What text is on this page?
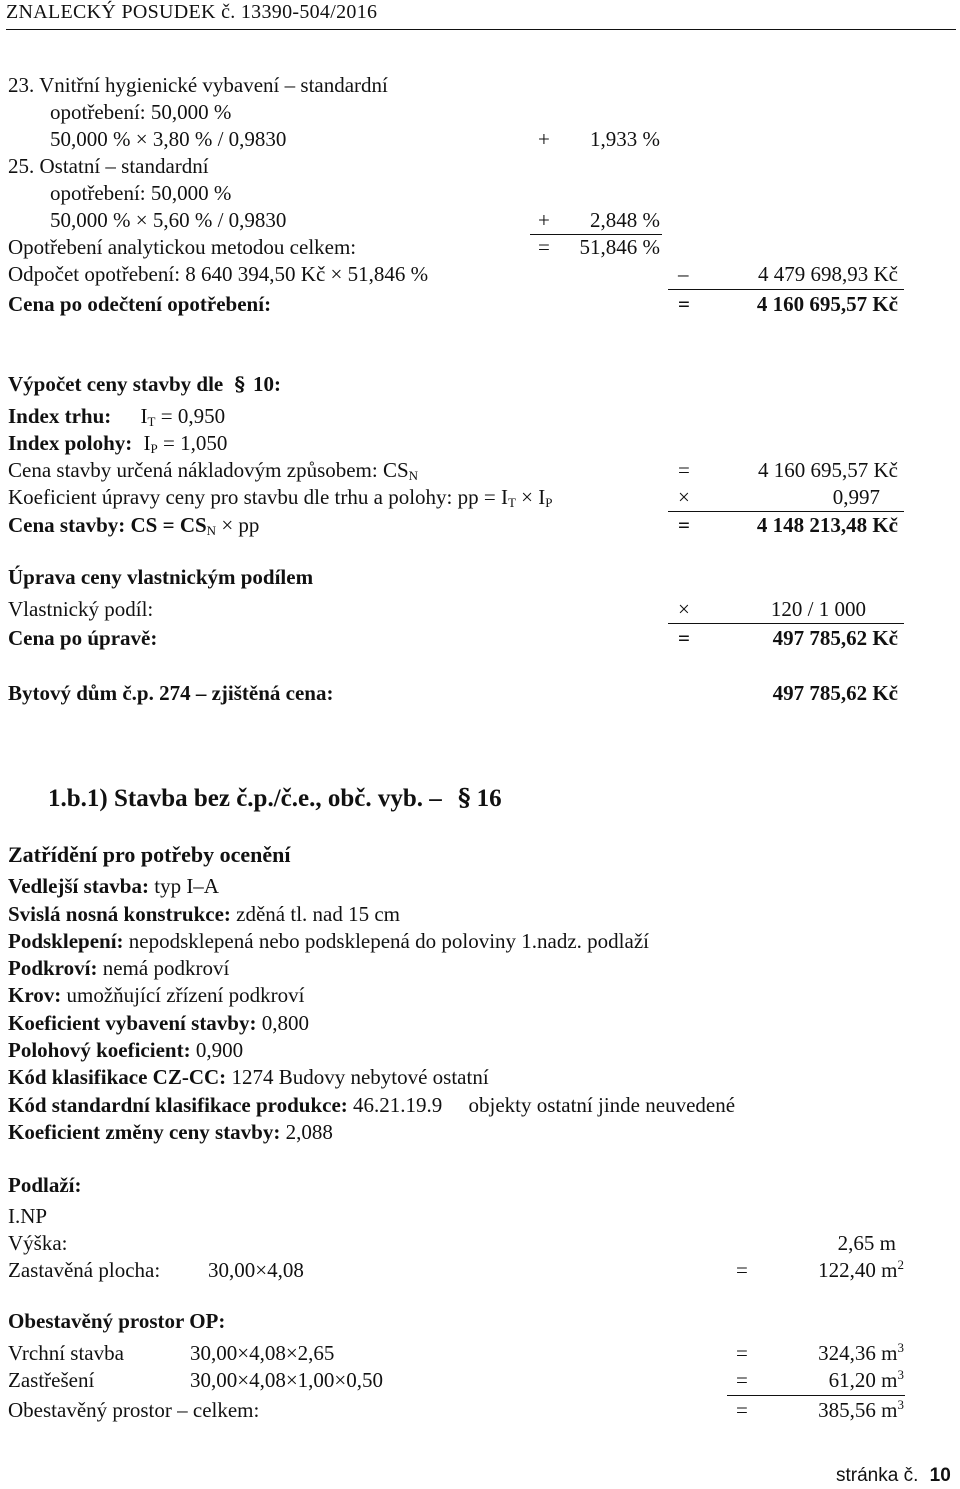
ZNALECKÝ POSUDEK č. 13390-504/2016
23. Vnitřní hygienické vybavení – standardní
opotřebení: 50,000 %
50,000 % × 3,80 % / 0,9830	+	1,933 %
25. Ostatní – standardní
opotřebení: 50,000 %
50,000 % × 5,60 % / 0,9830	+	2,848 %
Opotřebení analytickou metodou celkem:	=	51,846 %
Odpočet opotřebení: 8 640 394,50 Kč × 51,846 %	–	4 479 698,93 Kč
Cena po odečtení opotřebení:	=	4 160 695,57 Kč
Výpočet ceny stavby dle § 10:
Index trhu: $I_T = 0,950$
Index polohy: $I_P = 1,050$
Cena stavby určená nákladovým způsobem: $CS_N$	=	4 160 695,57 Kč
Koeficient úpravy ceny pro stavbu dle trhu a polohy: pp = $I_T \times I_P$	×	0,997
Cena stavby: CS = $CS_N$ × pp	=	4 148 213,48 Kč
Úprava ceny vlastnickým podílem
Vlastnický podíl:	×	120 / 1 000
Cena po úpravě:	=	497 785,62 Kč
Bytový dům č.p. 274 – zjištěná cena:	497 785,62 Kč
1.b.1) Stavba bez č.p./č.e., obč. vyb. – § 16
Zatřídění pro potřeby ocenění
Vedlejší stavba: typ I–A
Svislá nosná konstrukce: zděná tl. nad 15 cm
Podsklepení: nepodsklepená nebo podsklepená do poloviny 1.nadz. podlaží
Podkroví: nemá podkroví
Krov: umožňující zřízení podkroví
Koeficient vybavení stavby: 0,800
Polohový koeficient: 0,900
Kód klasifikace CZ-CC: 1274 Budovy nebytové ostatní
Kód standardní klasifikace produkce: 46.21.19.9     objekty ostatní jinde neuvedené
Koeficient změny ceny stavby: 2,088
Podlaží:
I.NP
Výška:	2,65 m
Zastavěná plocha: 30,00×4,08	=	122,40 $m^2$
Obestavěný prostor OP:
Vrchní stavba	30,00×4,08×2,65	=	324,36 $m^3$
Zastřešení	30,00×4,08×1,00×0,50	=	61,20 $m^3$
Obestavěný prostor – celkem:	=	385,56 $m^3$
stránka č. 10
